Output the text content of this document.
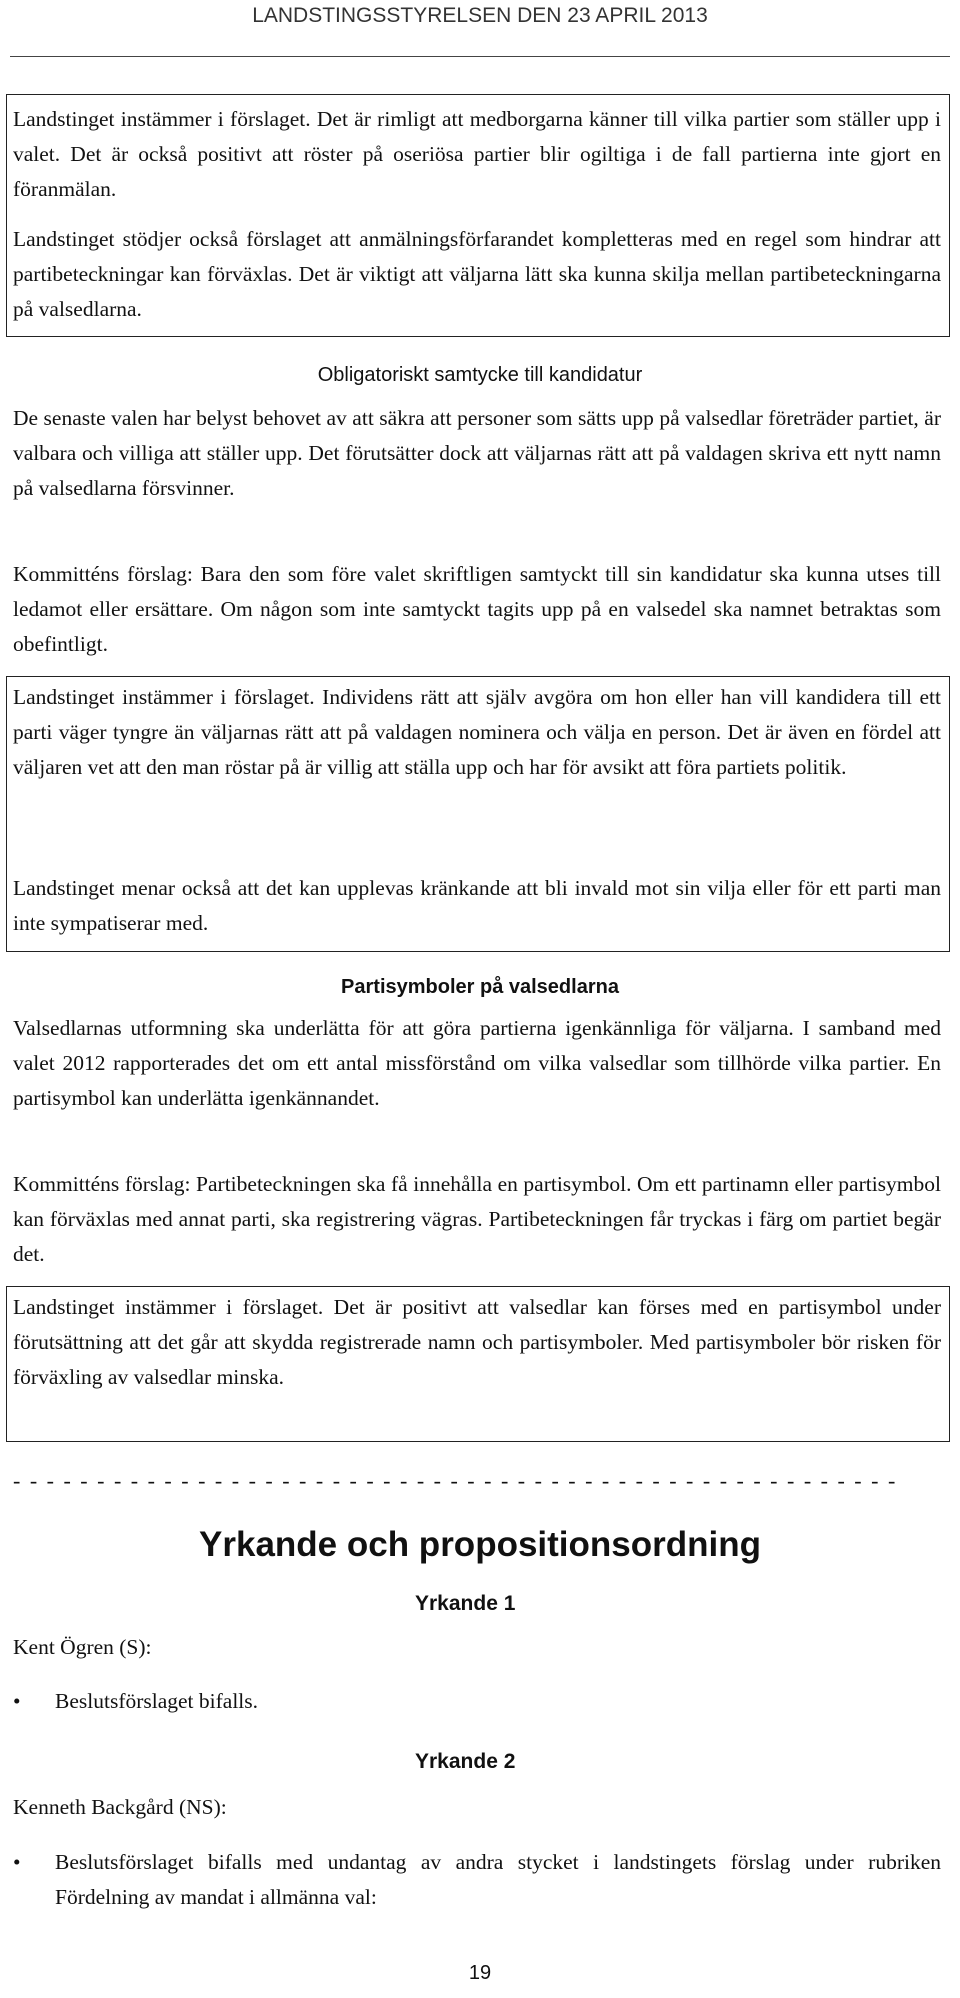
LANDSTINGSSTYRELSEN DEN 23 APRIL 2013

Landstinget instämmer i förslaget. Det är rimligt att medborgarna känner till vilka partier som ställer upp i valet. Det är också positivt att röster på oseriösa partier blir ogiltiga i de fall partierna inte gjort en föranmälan.

Landstinget stödjer också förslaget att anmälningsförfarandet kompletteras med en regel som hindrar att partibeteckningar kan förväxlas. Det är viktigt att väljarna lätt ska kunna skilja mellan partibeteckningarna på valsedlarna.

Obligatoriskt samtycke till kandidatur

De senaste valen har belyst behovet av att säkra att personer som sätts upp på valsedlar företräder partiet, är valbara och villiga att ställer upp. Det förutsätter dock att väljarnas rätt att på valdagen skriva ett nytt namn på valsedlarna försvinner.

Kommitténs förslag: Bara den som före valet skriftligen samtyckt till sin kandidatur ska kunna utses till ledamot eller ersättare. Om någon som inte samtyckt tagits upp på en valsedel ska namnet betraktas som obefintligt.

Landstinget instämmer i förslaget. Individens rätt att själv avgöra om hon eller han vill kandidera till ett parti väger tyngre än väljarnas rätt att på valdagen nominera och välja en person. Det är även en fördel att väljaren vet att den man röstar på är villig att ställa upp och har för avsikt att föra partiets politik.

Landstinget menar också att det kan upplevas kränkande att bli invald mot sin vilja eller för ett parti man inte sympatiserar med.

Partisymboler på valsedlarna

Valsedlarnas utformning ska underlätta för att göra partierna igenkännliga för väljarna. I samband med valet 2012 rapporterades det om ett antal missförstånd om vilka valsedlar som tillhörde vilka partier. En partisymbol kan underlätta igenkännandet.

Kommitténs förslag: Partibeteckningen ska få innehålla en partisymbol. Om ett partinamn eller partisymbol kan förväxlas med annat parti, ska registrering vägras. Partibeteckningen får tryckas i färg om partiet begär det.

Landstinget instämmer i förslaget. Det är positivt att valsedlar kan förses med en partisymbol under förutsättning att det går att skydda registrerade namn och partisymboler. Med partisymboler bör risken för förväxling av valsedlar minska.

- - - - - - - - - - - - - - - - - - - - - - - - - - - - - - - - - - - - - - - - - - - - - - - - - - - - -
Yrkande och propositionsordning
Yrkande 1

Kent Ögren (S):

• Beslutsförslaget bifalls.

Yrkande 2

Kenneth Backgård (NS):

• Beslutsförslaget bifalls med undantag av andra stycket i landstingets förslag under rubriken Fördelning av mandat i allmänna val:

19
